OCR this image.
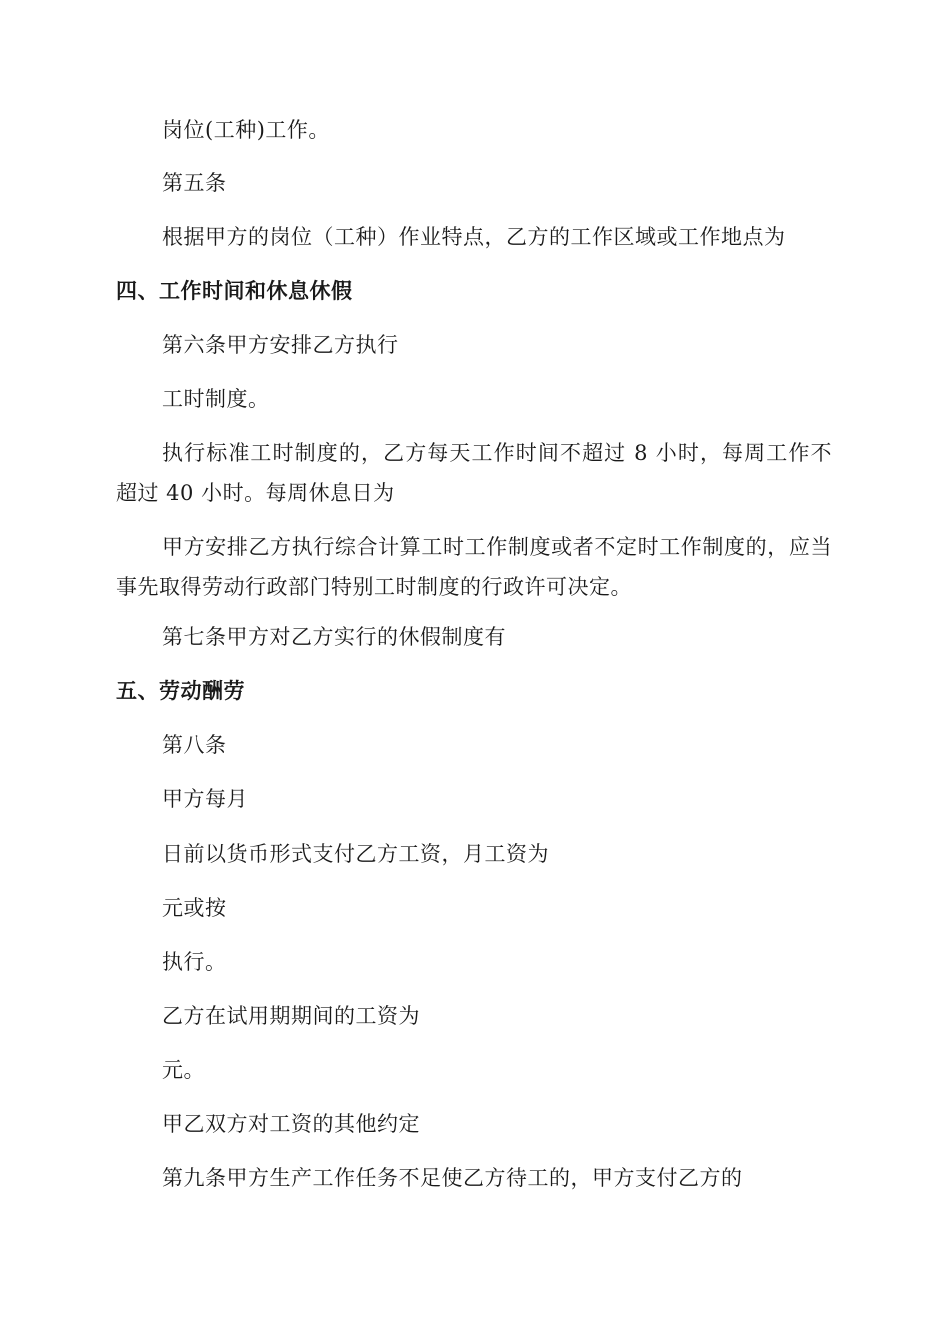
岗位(工种)工作。
第五条
根据甲方的岗位（工种）作业特点，乙方的工作区域或工作地点为
四、工作时间和休息休假
第六条甲方安排乙方执行
工时制度。
执行标准工时制度的，乙方每天工作时间不超过 8 小时，每周工作不超过 40 小时。每周休息日为
甲方安排乙方执行综合计算工时工作制度或者不定时工作制度的，应当事先取得劳动行政部门特别工时制度的行政许可决定。
第七条甲方对乙方实行的休假制度有
五、劳动酬劳
第八条
甲方每月
日前以货币形式支付乙方工资，月工资为
元或按
执行。
乙方在试用期期间的工资为
元。
甲乙双方对工资的其他约定
第九条甲方生产工作任务不足使乙方待工的，甲方支付乙方的
